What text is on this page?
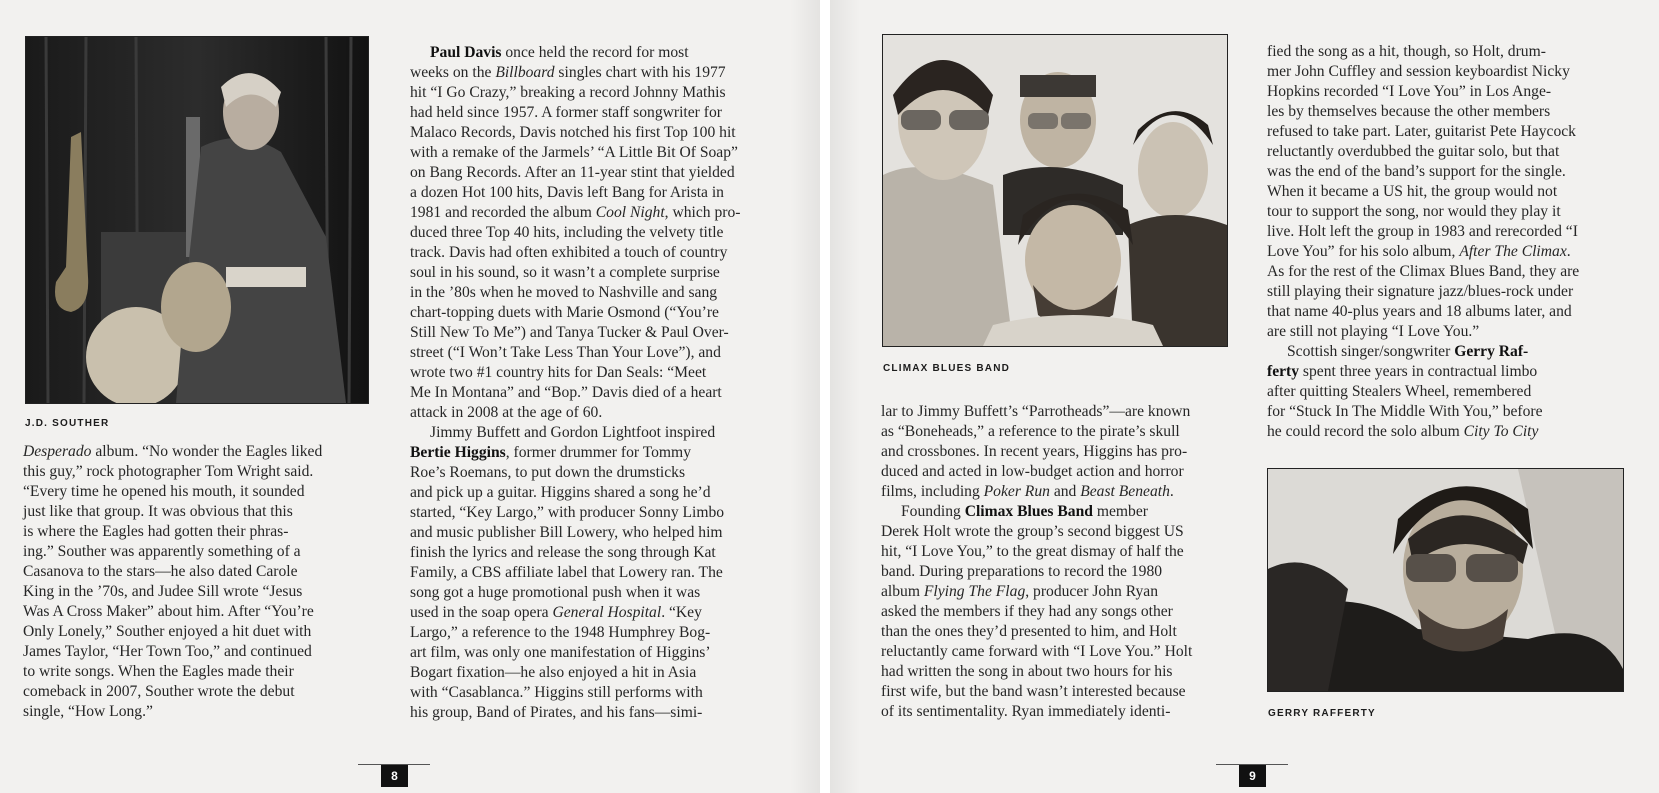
J.D. SOUTHER
Desperado album. “No wonder the Eagles liked
this guy,” rock photographer Tom Wright said.
“Every time he opened his mouth, it sounded
just like that group. It was obvious that this
is where the Eagles had gotten their phras-
ing.” Souther was apparently something of a
Casanova to the stars—he also dated Carole
King in the ’70s, and Judee Sill wrote “Jesus
Was A Cross Maker” about him. After “You’re
Only Lonely,” Souther enjoyed a hit duet with
James Taylor, “Her Town Too,” and continued
to write songs. When the Eagles made their
comeback in 2007, Souther wrote the debut
single, “How Long.”
Paul Davis once held the record for most
weeks on the Billboard singles chart with his 1977
hit “I Go Crazy,” breaking a record Johnny Mathis
had held since 1957. A former staff songwriter for
Malaco Records, Davis notched his first Top 100 hit
with a remake of the Jarmels’ “A Little Bit Of Soap”
on Bang Records. After an 11-year stint that yielded
a dozen Hot 100 hits, Davis left Bang for Arista in
1981 and recorded the album Cool Night, which pro-
duced three Top 40 hits, including the velvety title
track. Davis had often exhibited a touch of country
soul in his sound, so it wasn’t a complete surprise
in the ’80s when he moved to Nashville and sang
chart-topping duets with Marie Osmond (“You’re
Still New To Me”) and Tanya Tucker & Paul Over-
street (“I Won’t Take Less Than Your Love”), and
wrote two #1 country hits for Dan Seals: “Meet
Me In Montana” and “Bop.” Davis died of a heart
attack in 2008 at the age of 60.
Jimmy Buffett and Gordon Lightfoot inspired
Bertie Higgins, former drummer for Tommy
Roe’s Roemans, to put down the drumsticks
and pick up a guitar. Higgins shared a song he’d
started, “Key Largo,” with producer Sonny Limbo
and music publisher Bill Lowery, who helped him
finish the lyrics and release the song through Kat
Family, a CBS affiliate label that Lowery ran. The
song got a huge promotional push when it was
used in the soap opera General Hospital. “Key
Largo,” a reference to the 1948 Humphrey Bog-
art film, was only one manifestation of Higgins’
Bogart fixation—he also enjoyed a hit in Asia
with “Casablanca.” Higgins still performs with
his group, Band of Pirates, and his fans—simi-
8
CLIMAX BLUES BAND
GERRY RAFFERTY
lar to Jimmy Buffett’s “Parrotheads”—are known
as “Boneheads,” a reference to the pirate’s skull
and crossbones. In recent years, Higgins has pro-
duced and acted in low-budget action and horror
films, including Poker Run and Beast Beneath.
Founding Climax Blues Band member
Derek Holt wrote the group’s second biggest US
hit, “I Love You,” to the great dismay of half the
band. During preparations to record the 1980
album Flying The Flag, producer John Ryan
asked the members if they had any songs other
than the ones they’d presented to him, and Holt
reluctantly came forward with “I Love You.” Holt
had written the song in about two hours for his
first wife, but the band wasn’t interested because
of its sentimentality. Ryan immediately identi-
fied the song as a hit, though, so Holt, drum-
mer John Cuffley and session keyboardist Nicky
Hopkins recorded “I Love You” in Los Ange-
les by themselves because the other members
refused to take part. Later, guitarist Pete Haycock
reluctantly overdubbed the guitar solo, but that
was the end of the band’s support for the single.
When it became a US hit, the group would not
tour to support the song, nor would they play it
live. Holt left the group in 1983 and rerecorded “I
Love You” for his solo album, After The Climax.
As for the rest of the Climax Blues Band, they are
still playing their signature jazz/blues-rock under
that name 40-plus years and 18 albums later, and
are still not playing “I Love You.”
Scottish singer/songwriter Gerry Raf-
ferty spent three years in contractual limbo
after quitting Stealers Wheel, remembered
for “Stuck In The Middle With You,” before
he could record the solo album City To City
9
